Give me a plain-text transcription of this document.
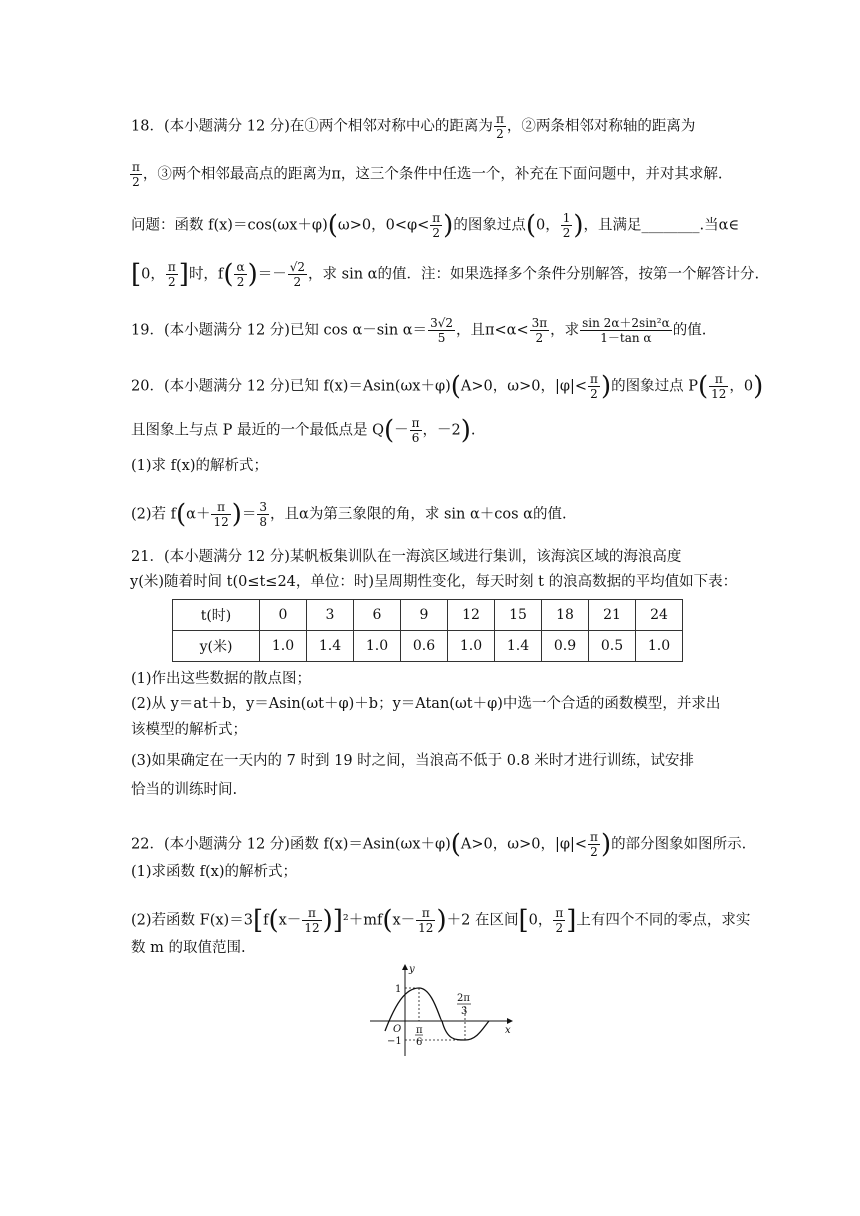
18．(本小题满分 12 分)在①两个相邻对称中心的距离为 $\frac{\pi}{2}$ ，②两条相邻对称轴的距离为
$\frac{\pi}{2}$ ，③两个相邻最高点的距离为π，这三个条件中任选一个，补充在下面问题中，并对其求解.
问题：函数 f(x)＝cos(ωx＋φ)(ω>0，$0<\varphi< \frac{\pi}{2}$ )的图象过点(0， $\frac{1}{2}$ )，且满足________.当α∈
[0， $\frac{\pi}{2}$ ]时，$f( \frac{\alpha}{2}$ )＝－ $\frac{√2}{2}$ ，求 sin α的值．注：如果选择多个条件分别解答，按第一个解答计分.
19．(本小题满分 12 分)已知 cos α－sin $\alpha= \frac{3√2}{5}$ ，且$\pi<\alpha< \frac{3\pi}{2}$ ，求 $\frac{\text{sin 2α＋2sin²α}}{\text{1－tan α}}$ 的值.
20．(本小题满分 12 分)已知 f(x)＝Asin(ωx＋φ)(A>0，ω>0，$|\varphi|< \frac{\pi}{2}$ )的图象过点 $P( \frac{\pi}{12}$ ，0)
且图象上与点 P 最近的一个最低点是 $Q(- \frac{\pi}{6}$ ，－2).
(1)求 f(x)的解析式；
(2)若 $f(\alpha+ \frac{\pi}{12}$ )＝ $\frac{3}{8}$ ，且α为第三象限的角，求 sin α＋cos α的值.
21．(本小题满分 12 分)某帆板集训队在一海滨区域进行集训，该海滨区域的海浪高度
y(米)随着时间 t(0≤t≤24，单位：时)呈周期性变化，每天时刻 t 的浪高数据的平均值如下表：
t(时)	0	3	6	9	12	15	18	21	24
y(米)	1.0	1.4	1.0	0.6	1.0	1.4	0.9	0.5	1.0
(1)作出这些数据的散点图；
(2)从 y＝at＋b，y＝Asin(ωt＋φ)＋b；y＝Atan(ωt＋φ)中选一个合适的函数模型，并求出
该模型的解析式；
(3)如果确定在一天内的 7 时到 19 时之间，当浪高不低于 0.8 米时才进行训练，试安排
恰当的训练时间.
22．(本小题满分 12 分)函数 f(x)＝Asin(ωx＋φ)(A>0，ω>0，$|\varphi|< \frac{\pi}{2}$ )的部分图象如图所示.
(1)求函数 f(x)的解析式；
(2)若函数 $F(x)=3[f(x- \frac{\pi}{12} )]^2+mf(x- \frac{\pi}{12} )+2$ 在区间[0， $\frac{\pi}{2}$ ]上有四个不同的零点，求实
数 m 的取值范围.
y
x
O
1
−1
π
6
2π
3
